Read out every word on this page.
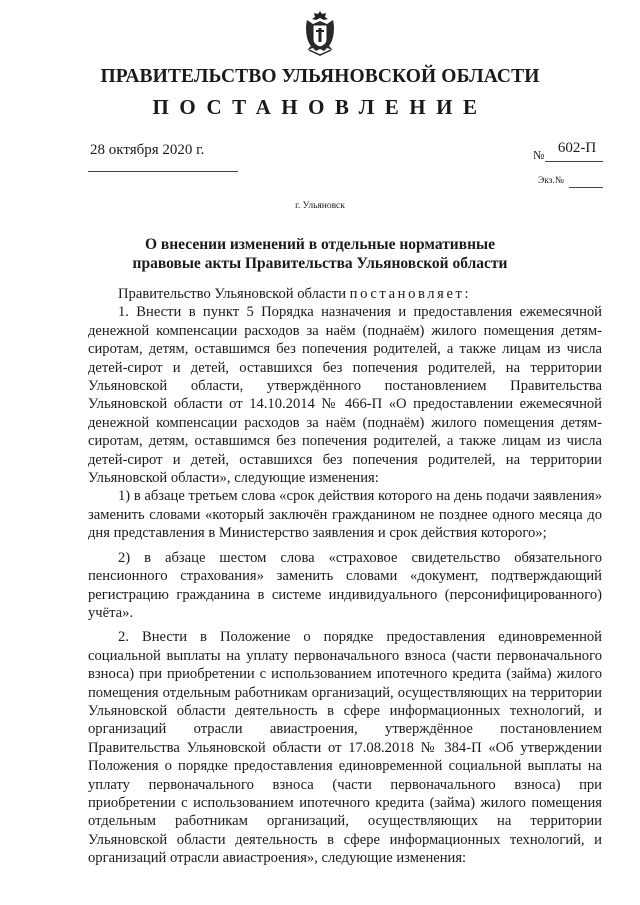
ПРАВИТЕЛЬСТВО УЛЬЯНОВСКОЙ ОБЛАСТИ
ПОСТАНОВЛЕНИЕ
28 октября 2020 г.	№ 602-П
Экз.№
г. Ульяновск
О внесении изменений в отдельные нормативные
правовые акты Правительства Ульяновской области

Правительство Ульяновской области постановляет:

1. Внести в пункт 5 Порядка назначения и предоставления ежемесячной денежной компенсации расходов за наём (поднаём) жилого помещения детям-сиротам, детям, оставшимся без попечения родителей, а также лицам из числа детей-сирот и детей, оставшихся без попечения родителей, на территории Ульяновской области, утверждённого постановлением Правительства Ульяновской области от 14.10.2014 № 466-П «О предоставлении ежемесячной денежной компенсации расходов за наём (поднаём) жилого помещения детям-сиротам, детям, оставшимся без попечения родителей, а также лицам из числа детей-сирот и детей, оставшихся без попечения родителей, на территории Ульяновской области», следующие изменения:

1) в абзаце третьем слова «срок действия которого на день подачи заявления» заменить словами «который заключён гражданином не позднее одного месяца до дня представления в Министерство заявления и срок действия которого»;

2) в абзаце шестом слова «страховое свидетельство обязательного пенсионного страхования» заменить словами «документ, подтверждающий регистрацию гражданина в системе индивидуального (персонифицированного) учёта».

2. Внести в Положение о порядке предоставления единовременной социальной выплаты на уплату первоначального взноса (части первоначального взноса) при приобретении с использованием ипотечного кредита (займа) жилого помещения отдельным работникам организаций, осуществляющих на территории Ульяновской области деятельность в сфере информационных технологий, и организаций отрасли авиастроения, утверждённое постановлением Правительства Ульяновской области от 17.08.2018 № 384-П «Об утверждении Положения о порядке предоставления единовременной социальной выплаты на уплату первоначального взноса (части первоначального взноса) при приобретении с использованием ипотечного кредита (займа) жилого помещения отдельным работникам организаций, осуществляющих на территории Ульяновской области деятельность в сфере информационных технологий, и организаций отрасли авиастроения», следующие изменения:
